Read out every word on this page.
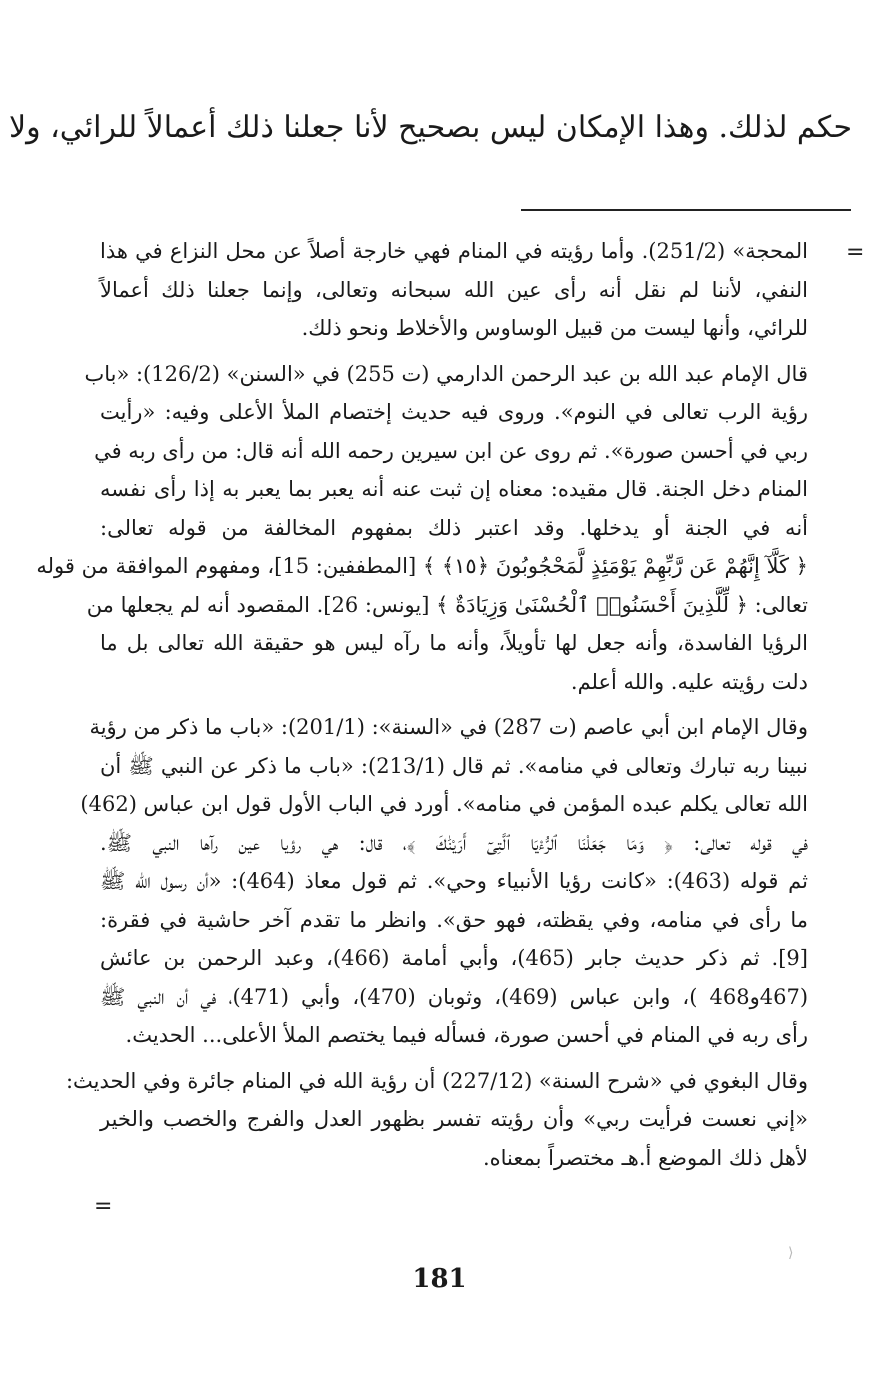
حكم لذلك. وهذا الإمكان ليس بصحيح لأنا جعلنا ذلك أعمالاً للرائي، ولا
=
المحجة» (251/2). وأما رؤيته في المنام فهي خارجة أصلاً عن محل النزاع في هذا
النفي، لأننا لم نقل أنه رأى عين الله سبحانه وتعالى، وإنما جعلنا ذلك أعمالاً
للرائي، وأنها ليست من قبيل الوساوس والأخلاط ونحو ذلك.
قال الإمام عبد الله بن عبد الرحمن الدارمي (ت 255) في «السنن» (126/2): «باب
رؤية الرب تعالى في النوم». وروى فيه حديث إختصام الملأ الأعلى وفيه: «رأيت
ربي في أحسن صورة». ثم روى عن ابن سيرين رحمه الله أنه قال: من رأى ربه في
المنام دخل الجنة. قال مقيده: معناه إن ثبت عنه أنه يعبر بما يعبر به إذا رأى نفسه
أنه في الجنة أو يدخلها. وقد اعتبر ذلك بمفهوم المخالفة من قوله تعالى:
﴿ كَلَّآ إِنَّهُمْ عَن رَّبِّهِمْ يَوْمَئِذٍ لَّمَحْجُوبُونَ ﴿١٥﴾ ﴾ [المطففين: 15]، ومفهوم الموافقة من قوله
تعالى: ﴿ لِّلَّذِينَ أَحْسَنُوا۟ ٱلْحُسْنَىٰ وَزِيَادَةٌ ﴾ [يونس: 26]. المقصود أنه لم يجعلها من
الرؤيا الفاسدة، وأنه جعل لها تأويلاً، وأنه ما رآه ليس هو حقيقة الله تعالى بل ما
دلت رؤيته عليه. والله أعلم.
وقال الإمام ابن أبي عاصم (ت 287) في «السنة»: (201/1): «باب ما ذكر من رؤية
نبينا ربه تبارك وتعالى في منامه». ثم قال (213/1): «باب ما ذكر عن النبي ﷺ أن
الله تعالى يكلم عبده المؤمن في منامه». أورد في الباب الأول قول ابن عباس (462)
في قوله تعالى: ﴿ وَمَا جَعَلْنَا ٱلرُّءْيَا ٱلَّتِىٓ أَرَيْنَٰكَ ﴾، قال: هي رؤيا عين رآها النبي ﷺ.
ثم قوله (463): «كانت رؤيا الأنبياء وحي». ثم قول معاذ (464): «أن رسول الله ﷺ
ما رأى في منامه، وفي يقظته، فهو حق». وانظر ما تقدم آخر حاشية في فقرة:
[9]. ثم ذكر حديث جابر (465)، وأبي أمامة (466)، وعبد الرحمن بن عائش
(467و468 )، وابن عباس (469)، وثوبان (470)، وأبي (471)، في أن النبي ﷺ
رأى ربه في المنام في أحسن صورة، فسأله فيما يختصم الملأ الأعلى... الحديث.
وقال البغوي في «شرح السنة» (227/12) أن رؤية الله في المنام جائرة وفي الحديث:
«إني نعست فرأيت ربي» وأن رؤيته تفسر بظهور العدل والفرج والخصب والخير
لأهل ذلك الموضع أ.هـ مختصراً بمعناه.
=
⟩
181
